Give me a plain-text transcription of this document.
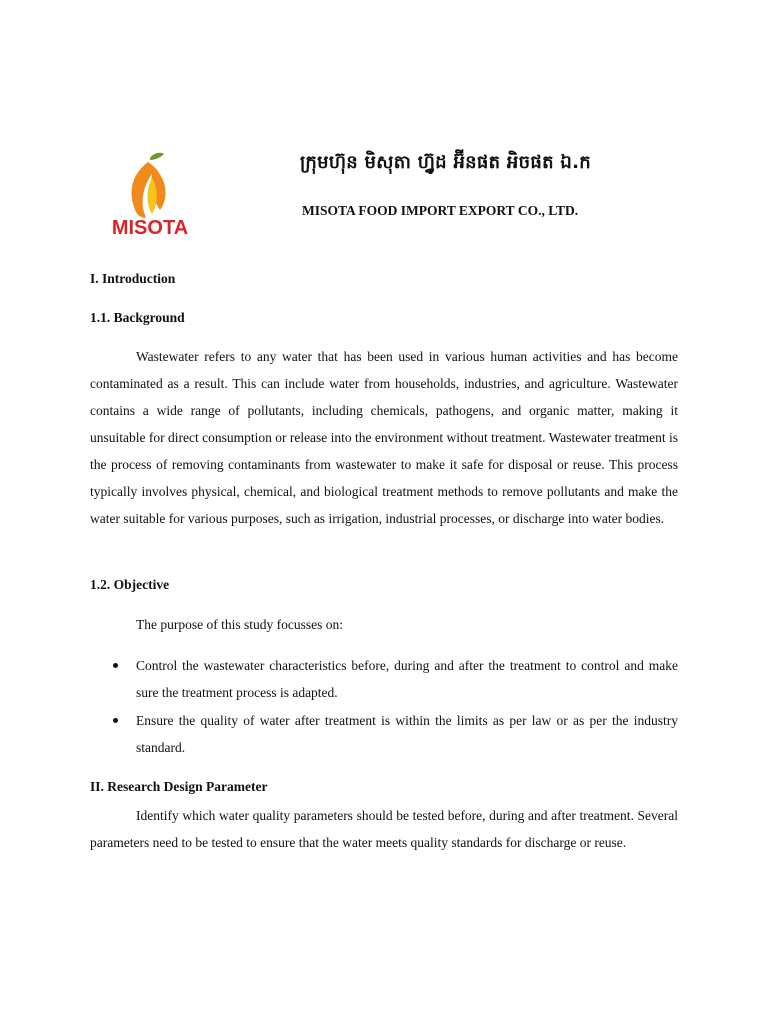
MISOTA
ក្រុមហ៊ុន មិសុតា ហ្វ៊ូដ អ៊ីនផត អិចផត ឯ.ក
MISOTA FOOD IMPORT EXPORT CO., LTD.
I. Introduction
1.1. Background

Wastewater refers to any water that has been used in various human activities and has become contaminated as a result. This can include water from households, industries, and agriculture. Wastewater contains a wide range of pollutants, including chemicals, pathogens, and organic matter, making it unsuitable for direct consumption or release into the environment without treatment. Wastewater treatment is the process of removing contaminants from wastewater to make it safe for disposal or reuse. This process typically involves physical, chemical, and biological treatment methods to remove pollutants and make the water suitable for various purposes, such as irrigation, industrial processes, or discharge into water bodies.

1.2. Objective

The purpose of this study focusses on:

Control the wastewater characteristics before, during and after the treatment to control and make sure the treatment process is adapted.
Ensure the quality of water after treatment is within the limits as per law or as per the industry standard.
II. Research Design Parameter

Identify which water quality parameters should be tested before, during and after treatment. Several parameters need to be tested to ensure that the water meets quality standards for discharge or reuse.
